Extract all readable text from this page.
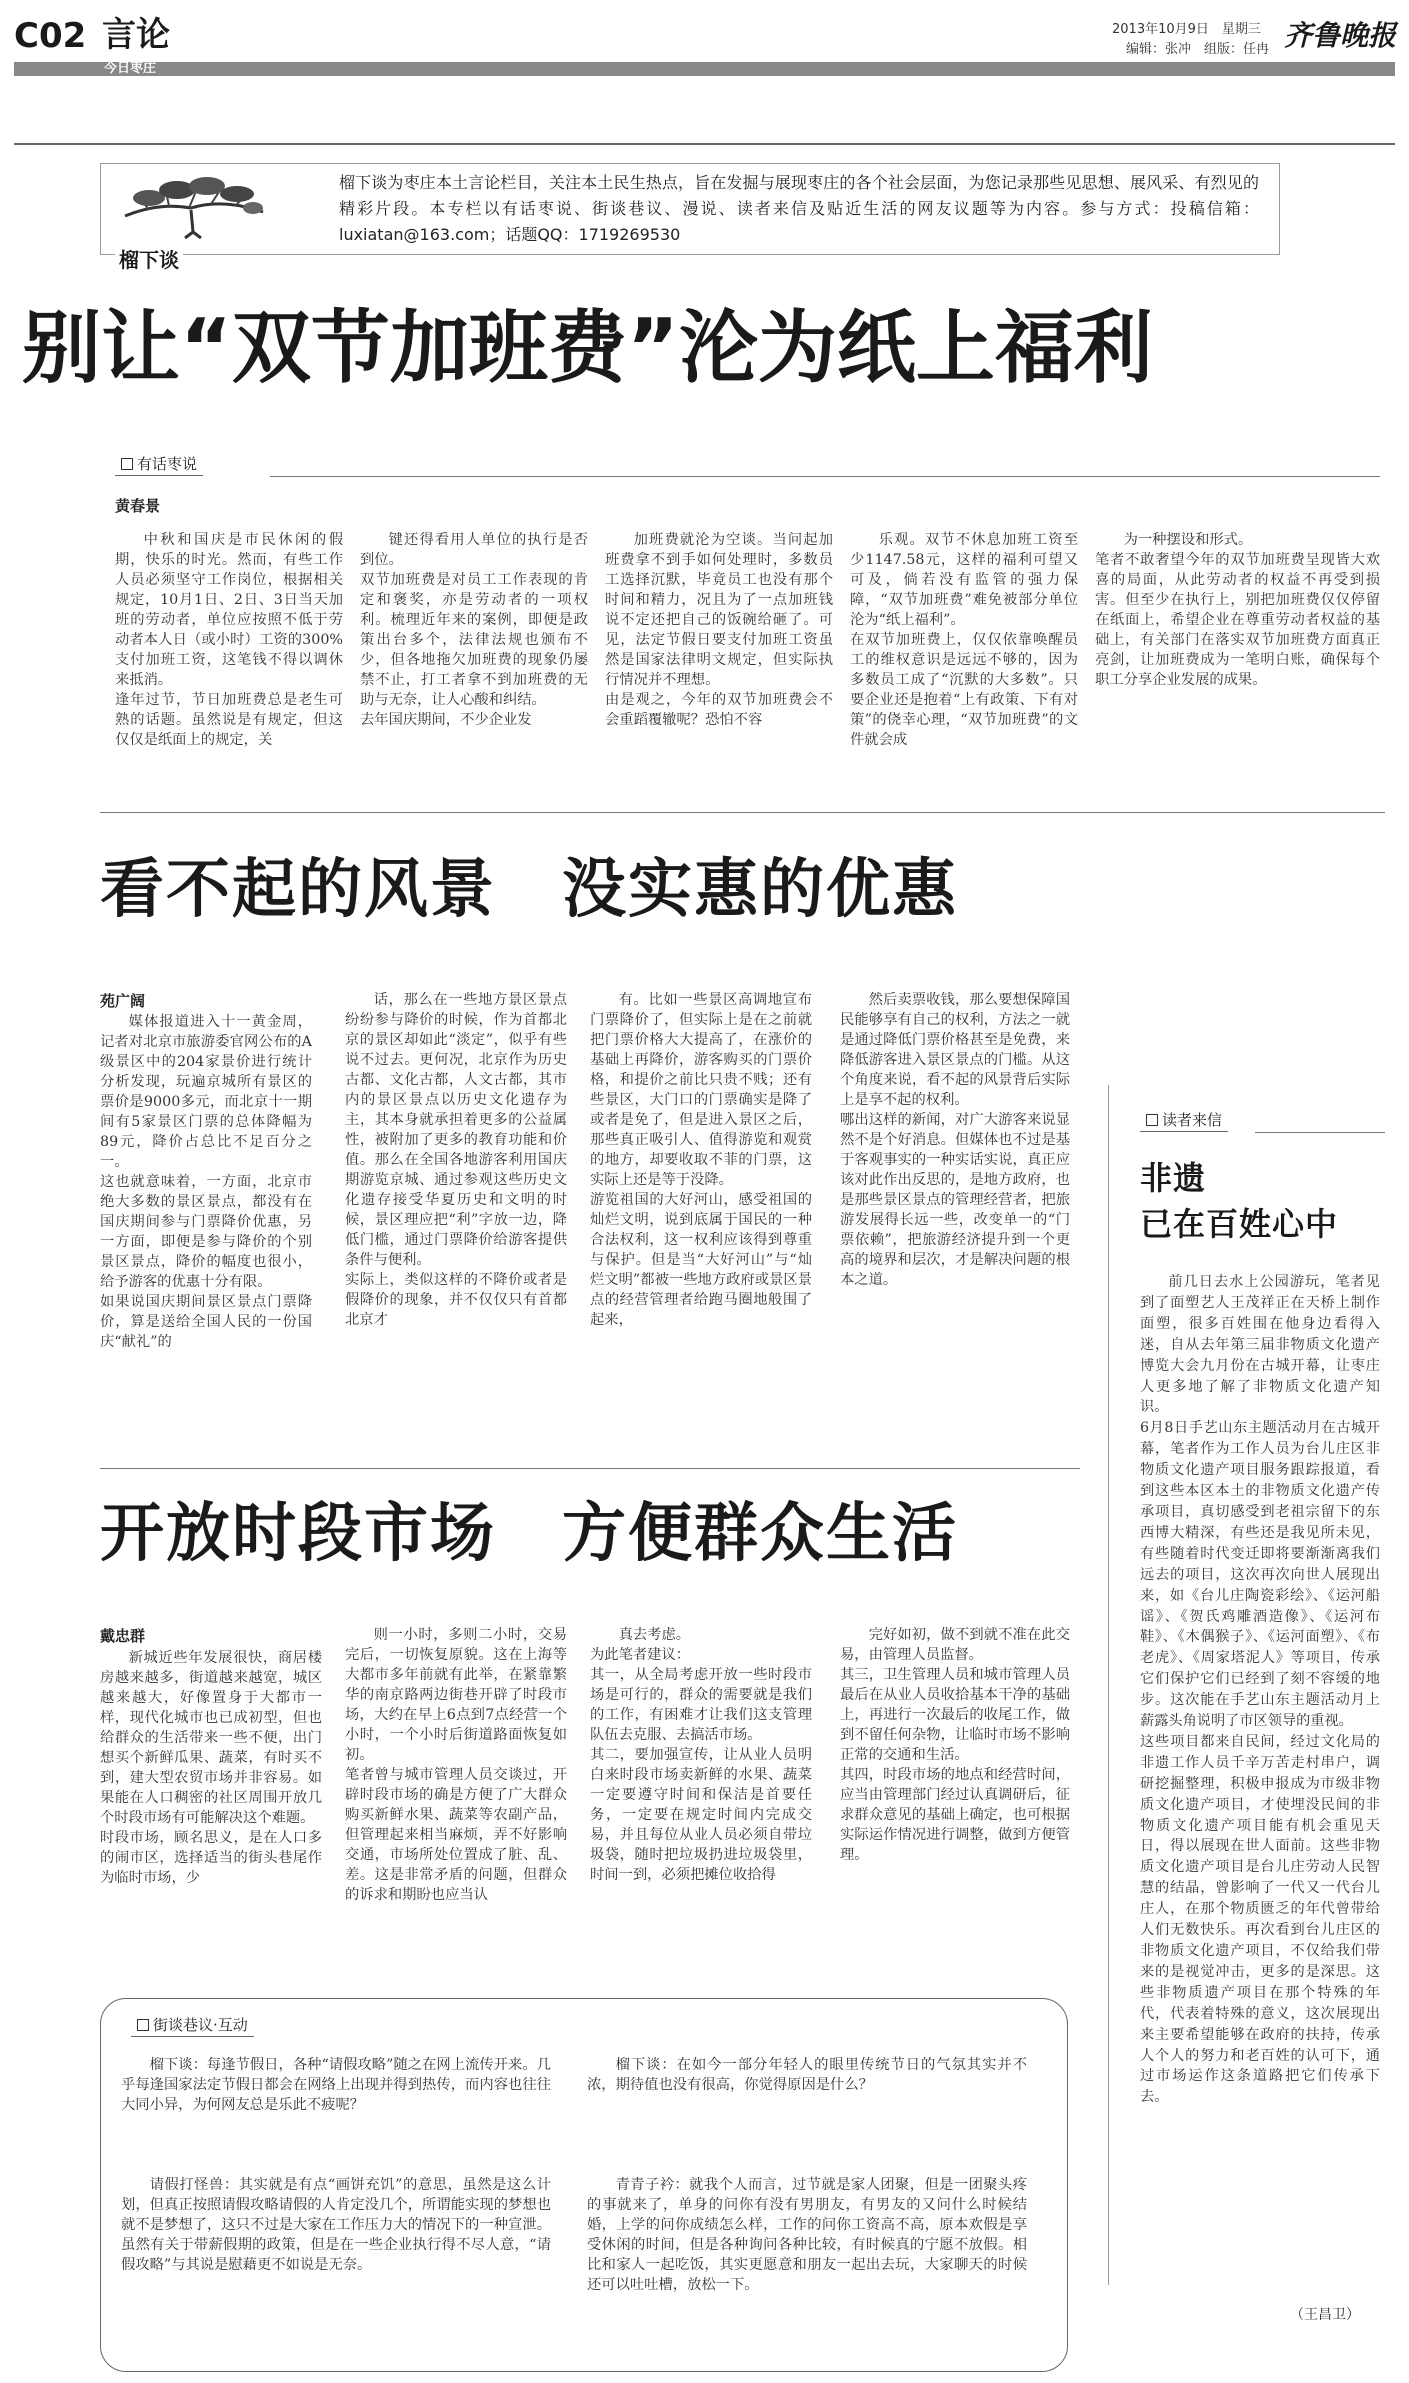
C02 言论
今日枣庄
2013年10月9日　星期三
编辑：张冲　组版：任冉 齐鲁晚报
榴下谈
榴下谈为枣庄本土言论栏目，关注本土民生热点，旨在发掘与展现枣庄的各个社会层面，为您记录那些见思想、展风采、有烈见的精彩片段。本专栏以有话枣说、街谈巷议、漫说、读者来信及贴近生活的网友议题等为内容。参与方式：投稿信箱：luxiatan@163.com；话题QQ：1719269530
别让“双节加班费”沦为纸上福利
有话枣说
黄春景

中秋和国庆是市民休闲的假期，快乐的时光。然而，有些工作人员必须坚守工作岗位，根据相关规定，10月1日、2日、3日当天加班的劳动者，单位应按照不低于劳动者本人日（或小时）工资的300%支付加班工资，这笔钱不得以调休来抵消。
逢年过节，节日加班费总是老生可熟的话题。虽然说是有规定，但这仅仅是纸面上的规定，关

键还得看用人单位的执行是否到位。
双节加班费是对员工工作表现的肯定和褒奖，亦是劳动者的一项权利。梳理近年来的案例，即便是政策出台多个，法律法规也颁布不少，但各地拖欠加班费的现象仍屡禁不止，打工者拿不到加班费的无助与无奈，让人心酸和纠结。
去年国庆期间，不少企业发

加班费就沦为空谈。当问起加班费拿不到手如何处理时，多数员工选择沉默，毕竟员工也没有那个时间和精力，况且为了一点加班钱说不定还把自己的饭碗给砸了。可见，法定节假日要支付加班工资虽然是国家法律明文规定，但实际执行情况并不理想。
由是观之，今年的双节加班费会不会重蹈覆辙呢？恐怕不容

乐观。双节不休息加班工资至少1147.58元，这样的福利可望又可及，倘若没有监管的强力保障，“双节加班费”难免被部分单位沦为“纸上福利”。
在双节加班费上，仅仅依靠唤醒员工的维权意识是远远不够的，因为多数员工成了“沉默的大多数”。只要企业还是抱着“上有政策、下有对策”的侥幸心理，“双节加班费”的文件就会成

为一种摆设和形式。
笔者不敢奢望今年的双节加班费呈现皆大欢喜的局面，从此劳动者的权益不再受到损害。但至少在执行上，别把加班费仅仅停留在纸面上，希望企业在尊重劳动者权益的基础上，有关部门在落实双节加班费方面真正亮剑，让加班费成为一笔明白账，确保每个职工分享企业发展的成果。

看不起的风景　没实惠的优惠
苑广阔

媒体报道进入十一黄金周，记者对北京市旅游委官网公布的A级景区中的204家景价进行统计分析发现，玩遍京城所有景区的票价是9000多元，而北京十一期间有5家景区门票的总体降幅为89元，降价占总比不足百分之一。
这也就意味着，一方面，北京市绝大多数的景区景点，都没有在国庆期间参与门票降价优惠，另一方面，即便是参与降价的个别景区景点，降价的幅度也很小，给予游客的优惠十分有限。
如果说国庆期间景区景点门票降价，算是送给全国人民的一份国庆“献礼”的

话，那么在一些地方景区景点纷纷参与降价的时候，作为首都北京的景区却如此“淡定”，似乎有些说不过去。更何况，北京作为历史古都、文化古都，人文古都，其市内的景区景点以历史文化遗存为主，其本身就承担着更多的公益属性，被附加了更多的教育功能和价值。那么在全国各地游客利用国庆期游览京城、通过参观这些历史文化遗存接受华夏历史和文明的时候，景区理应把“利”字放一边，降低门槛，通过门票降价给游客提供条件与便利。
实际上，类似这样的不降价或者是假降价的现象，并不仅仅只有首都北京才

有。比如一些景区高调地宣布门票降价了，但实际上是在之前就把门票价格大大提高了，在涨价的基础上再降价，游客购买的门票价格，和提价之前比只贵不贱；还有些景区，大门口的门票确实是降了或者是免了，但是进入景区之后，那些真正吸引人、值得游览和观赏的地方，却要收取不菲的门票，这实际上还是等于没降。
游览祖国的大好河山，感受祖国的灿烂文明，说到底属于国民的一种合法权利，这一权利应该得到尊重与保护。但是当“大好河山”与“灿烂文明”都被一些地方政府或景区景点的经营管理者给跑马圈地般围了起来，

然后卖票收钱，那么要想保障国民能够享有自己的权利，方法之一就是通过降低门票价格甚至是免费，来降低游客进入景区景点的门槛。从这个角度来说，看不起的风景背后实际上是享不起的权利。
哪出这样的新闻，对广大游客来说显然不是个好消息。但媒体也不过是基于客观事实的一种实话实说，真正应该对此作出反思的，是地方政府，也是那些景区景点的管理经营者，把旅游发展得长远一些，改变单一的“门票依赖”，把旅游经济提升到一个更高的境界和层次，才是解决问题的根本之道。

开放时段市场　方便群众生活
戴忠群

新城近些年发展很快，商居楼房越来越多，街道越来越宽，城区越来越大，好像置身于大都市一样，现代化城市也已成初型，但也给群众的生活带来一些不便，出门想买个新鲜瓜果、蔬菜，有时买不到，建大型农贸市场并非容易。如果能在人口稠密的社区周围开放几个时段市场有可能解决这个难题。
时段市场，顾名思义，是在人口多的闹市区，选择适当的街头巷尾作为临时市场，少

则一小时，多则二小时，交易完后，一切恢复原貌。这在上海等大都市多年前就有此举，在紧靠繁华的南京路两边街巷开辟了时段市场，大约在早上6点到7点经营一个小时，一个小时后街道路面恢复如初。
笔者曾与城市管理人员交谈过，开辟时段市场的确是方便了广大群众购买新鲜水果、蔬菜等农副产品，但管理起来相当麻烦，弄不好影响交通，市场所处位置成了脏、乱、差。这是非常矛盾的问题，但群众的诉求和期盼也应当认

真去考虑。
为此笔者建议：
其一，从全局考虑开放一些时段市场是可行的，群众的需要就是我们的工作，有困难才让我们这支管理队伍去克服、去搞活市场。
其二，要加强宣传，让从业人员明白来时段市场卖新鲜的水果、蔬菜一定要遵守时间和保洁是首要任务，一定要在规定时间内完成交易，并且每位从业人员必须自带垃圾袋，随时把垃圾扔进垃圾袋里，时间一到，必须把摊位收拾得

完好如初，做不到就不准在此交易，由管理人员监督。
其三，卫生管理人员和城市管理人员最后在从业人员收拾基本干净的基础上，再进行一次最后的收尾工作，做到不留任何杂物，让临时市场不影响正常的交通和生活。
其四，时段市场的地点和经营时间，应当由管理部门经过认真调研后，征求群众意见的基础上确定，也可根据实际运作情况进行调整，做到方便管理。

街谈巷议·互动

榴下谈：每逢节假日，各种“请假攻略”随之在网上流传开来。几乎每逢国家法定节假日都会在网络上出现并得到热传，而内容也往往大同小异，为何网友总是乐此不疲呢？

请假打怪兽：其实就是有点“画饼充饥”的意思，虽然是这么计划，但真正按照请假攻略请假的人肯定没几个，所谓能实现的梦想也就不是梦想了，这只不过是大家在工作压力大的情况下的一种宣泄。虽然有关于带薪假期的政策，但是在一些企业执行得不尽人意，“请假攻略”与其说是慰藉更不如说是无奈。

榴下谈：在如今一部分年轻人的眼里传统节日的气氛其实并不浓，期待值也没有很高，你觉得原因是什么？

青青子衿：就我个人而言，过节就是家人团聚，但是一团聚头疼的事就来了，单身的问你有没有男朋友，有男友的又问什么时候结婚，上学的问你成绩怎么样，工作的问你工资高不高，原本欢假是享受休闲的时间，但是各种询问各种比较，有时候真的宁愿不放假。相比和家人一起吃饭，其实更愿意和朋友一起出去玩，大家聊天的时候还可以吐吐槽，放松一下。

读者来信
非遗
已在百姓心中

前几日去水上公园游玩，笔者见到了面塑艺人王茂祥正在天桥上制作面塑，很多百姓围在他身边看得入迷，自从去年第三届非物质文化遗产博览大会九月份在古城开幕，让枣庄人更多地了解了非物质文化遗产知识。
6月8日手艺山东主题活动月在古城开幕，笔者作为工作人员为台儿庄区非物质文化遗产项目服务跟踪报道，看到这些本区本土的非物质文化遗产传承项目，真切感受到老祖宗留下的东西博大精深，有些还是我见所未见，有些随着时代变迁即将要渐渐离我们远去的项目，这次再次向世人展现出来，如《台儿庄陶瓷彩绘》、《运河船谣》、《贺氏鸡雕酒造像》、《运河布鞋》、《木偶猴子》、《运河面塑》、《布老虎》、《周家塔泥人》等项目，传承它们保护它们已经到了刻不容缓的地步。这次能在手艺山东主题活动月上薪露头角说明了市区领导的重视。
这些项目都来自民间，经过文化局的非遗工作人员千辛万苦走村串户，调研挖掘整理，积极申报成为市级非物质文化遗产项目，才使埋没民间的非物质文化遗产项目能有机会重见天日，得以展现在世人面前。这些非物质文化遗产项目是台儿庄劳动人民智慧的结晶，曾影响了一代又一代台儿庄人，在那个物质匮乏的年代曾带给人们无数快乐。再次看到台儿庄区的非物质文化遗产项目，不仅给我们带来的是视觉冲击，更多的是深思。这些非物质遗产项目在那个特殊的年代，代表着特殊的意义，这次展现出来主要希望能够在政府的扶持，传承人个人的努力和老百姓的认可下，通过市场运作这条道路把它们传承下去。

（王昌卫）
